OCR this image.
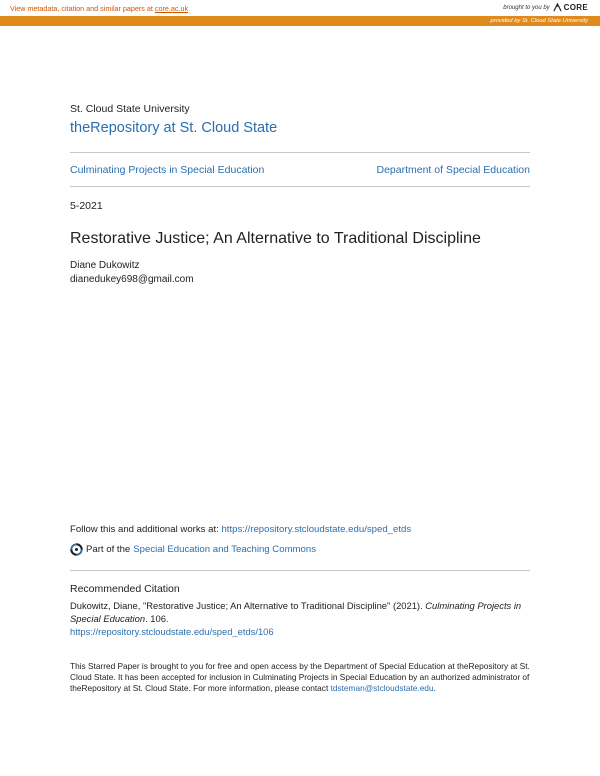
View metadata, citation and similar papers at core.ac.uk	brought to you by CORE
provided by St. Cloud State University
St. Cloud State University
theRepository at St. Cloud State
Culminating Projects in Special Education	Department of Special Education
5-2021
Restorative Justice; An Alternative to Traditional Discipline
Diane Dukowitz
dianedukey698@gmail.com
Follow this and additional works at: https://repository.stcloudstate.edu/sped_etds
Part of the Special Education and Teaching Commons
Recommended Citation
Dukowitz, Diane, "Restorative Justice; An Alternative to Traditional Discipline" (2021). Culminating Projects in Special Education. 106.
https://repository.stcloudstate.edu/sped_etds/106
This Starred Paper is brought to you for free and open access by the Department of Special Education at theRepository at St. Cloud State. It has been accepted for inclusion in Culminating Projects in Special Education by an authorized administrator of theRepository at St. Cloud State. For more information, please contact tdsteman@stcloudstate.edu.
